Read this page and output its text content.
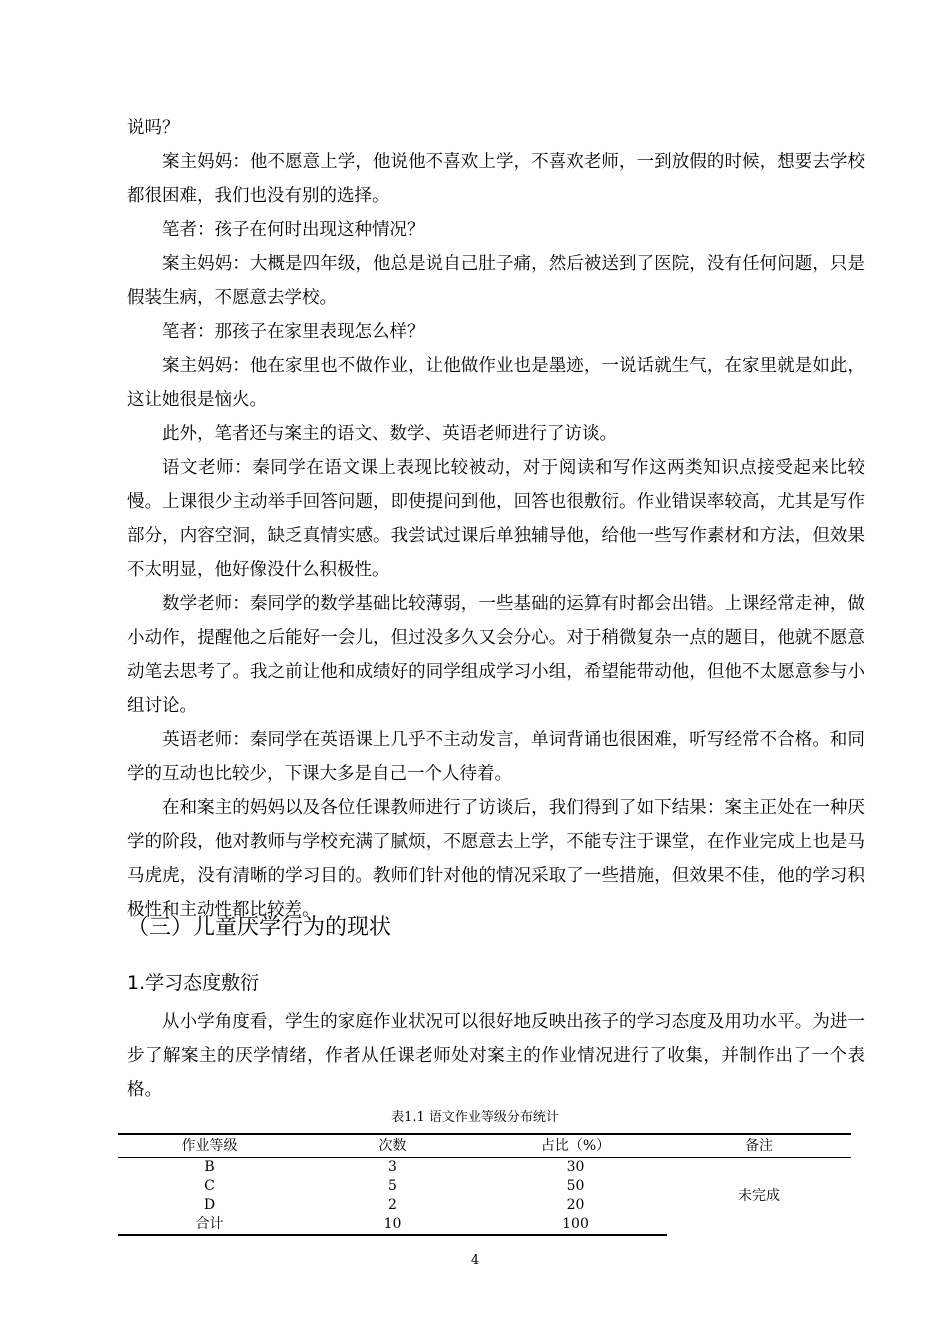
说吗？

案主妈妈：他不愿意上学，他说他不喜欢上学，不喜欢老师，一到放假的时候，想要去学校都很困难，我们也没有别的选择。

笔者：孩子在何时出现这种情况？

案主妈妈：大概是四年级，他总是说自己肚子痛，然后被送到了医院，没有任何问题，只是假装生病，不愿意去学校。

笔者：那孩子在家里表现怎么样？

案主妈妈：他在家里也不做作业，让他做作业也是墨迹，一说话就生气，在家里就是如此，这让她很是恼火。

此外，笔者还与案主的语文、数学、英语老师进行了访谈。

语文老师：秦同学在语文课上表现比较被动，对于阅读和写作这两类知识点接受起来比较慢。上课很少主动举手回答问题，即使提问到他，回答也很敷衍。作业错误率较高，尤其是写作部分，内容空洞，缺乏真情实感。我尝试过课后单独辅导他，给他一些写作素材和方法，但效果不太明显，他好像没什么积极性。

数学老师：秦同学的数学基础比较薄弱，一些基础的运算有时都会出错。上课经常走神，做小动作，提醒他之后能好一会儿，但过没多久又会分心。对于稍微复杂一点的题目，他就不愿意动笔去思考了。我之前让他和成绩好的同学组成学习小组，希望能带动他，但他不太愿意参与小组讨论。

英语老师：秦同学在英语课上几乎不主动发言，单词背诵也很困难，听写经常不合格。和同学的互动也比较少，下课大多是自己一个人待着。

在和案主的妈妈以及各位任课教师进行了访谈后，我们得到了如下结果：案主正处在一种厌学的阶段，他对教师与学校充满了腻烦，不愿意去上学，不能专注于课堂，在作业完成上也是马马虎虎，没有清晰的学习目的。教师们针对他的情况采取了一些措施，但效果不佳，他的学习积极性和主动性都比较差。

（三）儿童厌学行为的现状
1.学习态度敷衍

从小学角度看，学生的家庭作业状况可以很好地反映出孩子的学习态度及用功水平。为进一步了解案主的厌学情绪，作者从任课老师处对案主的作业情况进行了收集，并制作出了一个表格。

表1.1 语文作业等级分布统计
作业等级	次数	占比（%）	备注
B	3	30	未完成
C	5	50	
D	2	20	
合计	10	100	
4
